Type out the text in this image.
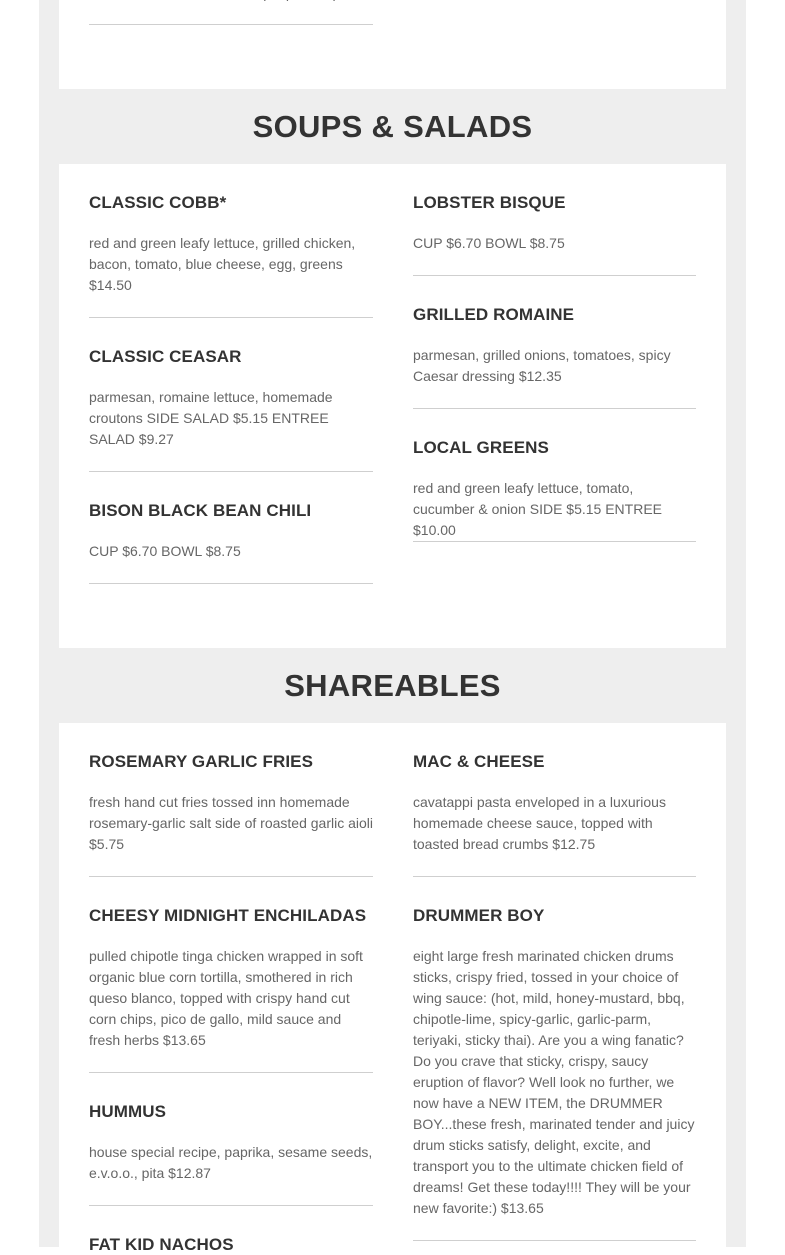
SOUPS & SALADS
CLASSIC COBB*
red and green leafy lettuce, grilled chicken, bacon, tomato, blue cheese, egg, greens $14.50
LOBSTER BISQUE
CUP $6.70 BOWL $8.75
CLASSIC CEASAR
parmesan, romaine lettuce, homemade croutons SIDE SALAD $5.15 ENTREE SALAD $9.27
GRILLED ROMAINE
parmesan, grilled onions, tomatoes, spicy Caesar dressing $12.35
BISON BLACK BEAN CHILI
CUP $6.70 BOWL $8.75
LOCAL GREENS
red and green leafy lettuce, tomato, cucumber & onion SIDE $5.15 ENTREE $10.00
SHAREABLES
ROSEMARY GARLIC FRIES
fresh hand cut fries tossed inn homemade rosemary-garlic salt side of roasted garlic aioli $5.75
MAC & CHEESE
cavatappi pasta enveloped in a luxurious homemade cheese sauce, topped with toasted bread crumbs $12.75
CHEESY MIDNIGHT ENCHILADAS
pulled chipotle tinga chicken wrapped in soft organic blue corn tortilla, smothered in rich queso blanco, topped with crispy hand cut corn chips, pico de gallo, mild sauce and fresh herbs $13.65
DRUMMER BOY
eight large fresh marinated chicken drums sticks, crispy fried, tossed in your choice of wing sauce: (hot, mild, honey-mustard, bbq, chipotle-lime, spicy-garlic, garlic-parm, teriyaki, sticky thai). Are you a wing fanatic? Do you crave that sticky, crispy, saucy eruption of flavor? Well look no further, we now have a NEW ITEM, the DRUMMER BOY...these fresh, marinated tender and juicy drum sticks satisfy, delight, excite, and transport you to the ultimate chicken field of dreams! Get these today!!!! They will be your new favorite:) $13.65
HUMMUS
house special recipe, paprika, sesame seeds, e.v.o.o., pita $12.87
FAT KID NACHOS
